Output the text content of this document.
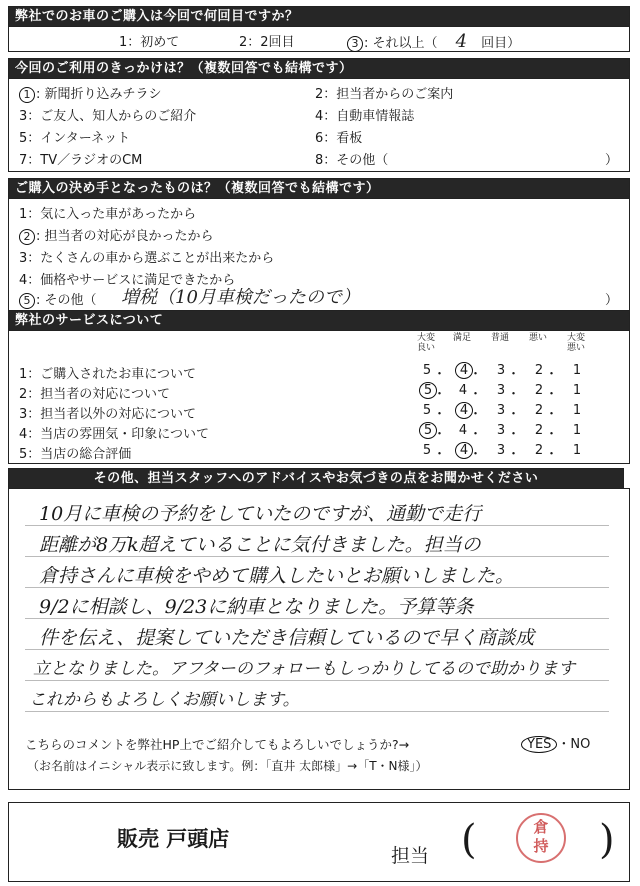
弊社でのお車のご購入は今回で何回目ですか？
1：初めて	2：2回目	3 : それ以上（ 4 回目）
今回のご利用のきっかけは？（複数回答でも結構です）
1 : 新聞折り込みチラシ	2：担当者からのご案内
3：ご友人、知人からのご紹介	4：自動車情報誌
5：インターネット	6：看板
7：TV／ラジオのCM	8：その他（	）
ご購入の決め手となったものは？（複数回答でも結構です）
1：気に入った車があったから
2 : 担当者の対応が良かったから
3：たくさんの車から選ぶことが出来たから
4：価格やサービスに満足できたから
5 : その他（ 増税（10月車検だったので）	）
弊社のサービスについて
大変良い
満足	普通	悪い	大変悪い
1：ご購入されたお車について	5 ・	4 ・ 3 ・ 2 ・ 1
2：担当者の対応について	5 ・ 4 ・ 3 ・ 2 ・ 1
3：担当者以外の対応について	5 ・	4 ・ 3 ・ 2 ・ 1
4：当店の雰囲気・印象について	5 ・ 4 ・ 3 ・ 2 ・ 1
5：当店の総合評価	5 ・	4 ・ 3 ・ 2 ・ 1
その他、担当スタッフへのアドバイスやお気づきの点をお聞かせください
10月に車検の予約をしていたのですが、通勤で走行
距離が8万k超えていることに気付きました。担当の
倉持さんに車検をやめて購入したいとお願いしました。
9/2に相談し、9/23に納車となりました。予算等条
件を伝え、提案していただき信頼しているので早く商談成
立となりました。アフターのフォローもしっかりしてるので助かります
これからもよろしくお願いします。
こちらのコメントを弊社HP上でご紹介してもよろしいでしょうか?→	YES ・NO
（お名前はイニシャル表示に致します。例：「直井 太郎様」→「T・N様」）
販売 戸頭店
担当 (	倉持 )
